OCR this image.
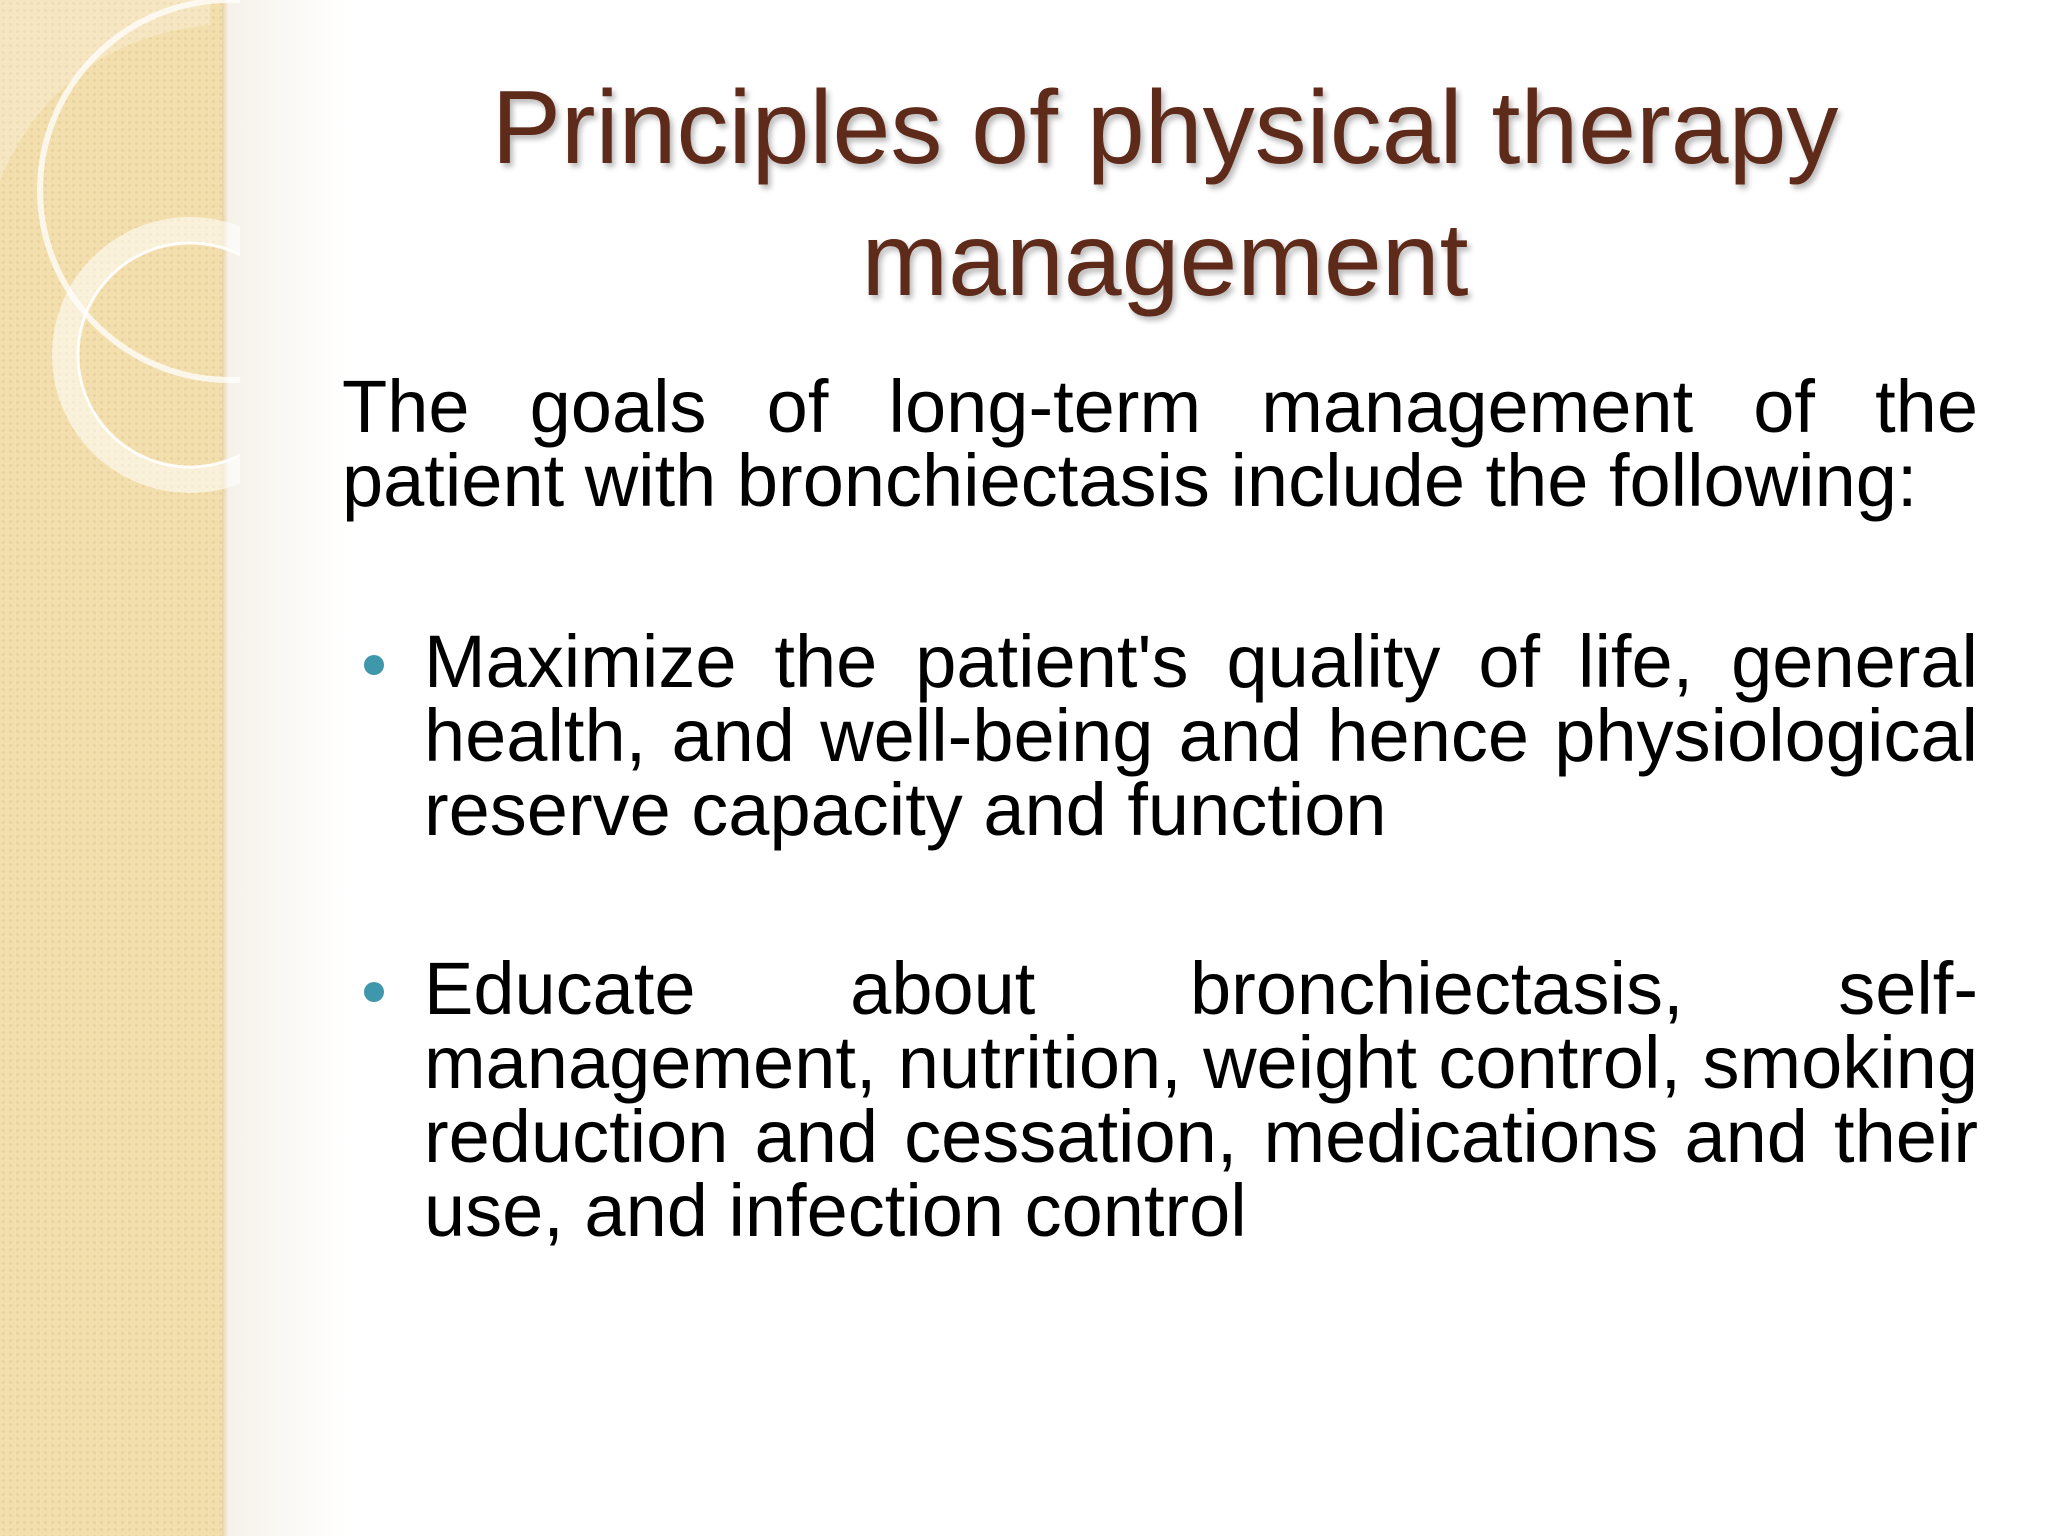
Principles of physical therapy management

The goals of long-term management of the patient with bronchiectasis include the following:

Maximize the patient's quality of life, general health, and well-being and hence physiological reserve capacity and function
Educate about bronchiectasis, self-management, nutrition, weight control, smoking reduction and cessation, medications and their use, and infection control
